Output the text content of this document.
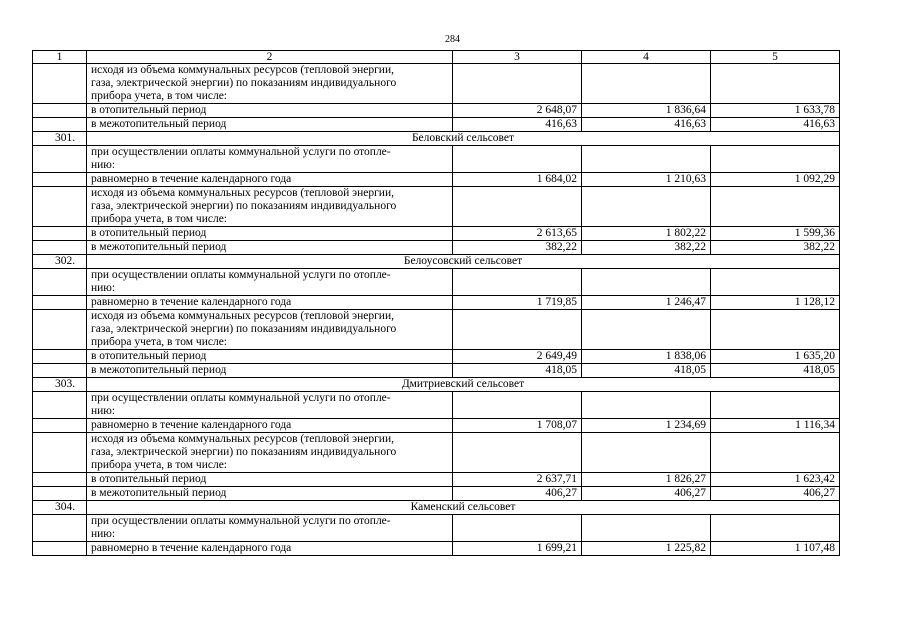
284
1	2	3	4	5

	исходя из объема коммунальных ресурсов (тепловой энергии,
газа, электрической энергии) по показаниям индивидуального
прибора учета, в том числе:			

	в отопительный период	2 648,07	1 836,64	1 633,78
	в межотопительный период	416,63	416,63	416,63
301.	Беловский сельсовет			

	при осуществлении оплаты коммунальной услуги по отопле-
нию:			

	равномерно в течение календарного года	1 684,02	1 210,63	1 092,29

	исходя из объема коммунальных ресурсов (тепловой энергии,
газа, электрической энергии) по показаниям индивидуального
прибора учета, в том числе:			

	в отопительный период	2 613,65	1 802,22	1 599,36
	в межотопительный период	382,22	382,22	382,22
302.	Белоусовский сельсовет			

	при осуществлении оплаты коммунальной услуги по отопле-
нию:			

	равномерно в течение календарного года	1 719,85	1 246,47	1 128,12

	исходя из объема коммунальных ресурсов (тепловой энергии,
газа, электрической энергии) по показаниям индивидуального
прибора учета, в том числе:			

	в отопительный период	2 649,49	1 838,06	1 635,20
	в межотопительный период	418,05	418,05	418,05
303.	Дмитриевский сельсовет			

	при осуществлении оплаты коммунальной услуги по отопле-
нию:			

	равномерно в течение календарного года	1 708,07	1 234,69	1 116,34

	исходя из объема коммунальных ресурсов (тепловой энергии,
газа, электрической энергии) по показаниям индивидуального
прибора учета, в том числе:			

	в отопительный период	2 637,71	1 826,27	1 623,42
	в межотопительный период	406,27	406,27	406,27
304.	Каменский сельсовет			

	при осуществлении оплаты коммунальной услуги по отопле-
нию:			

	равномерно в течение календарного года	1 699,21	1 225,82	1 107,48
